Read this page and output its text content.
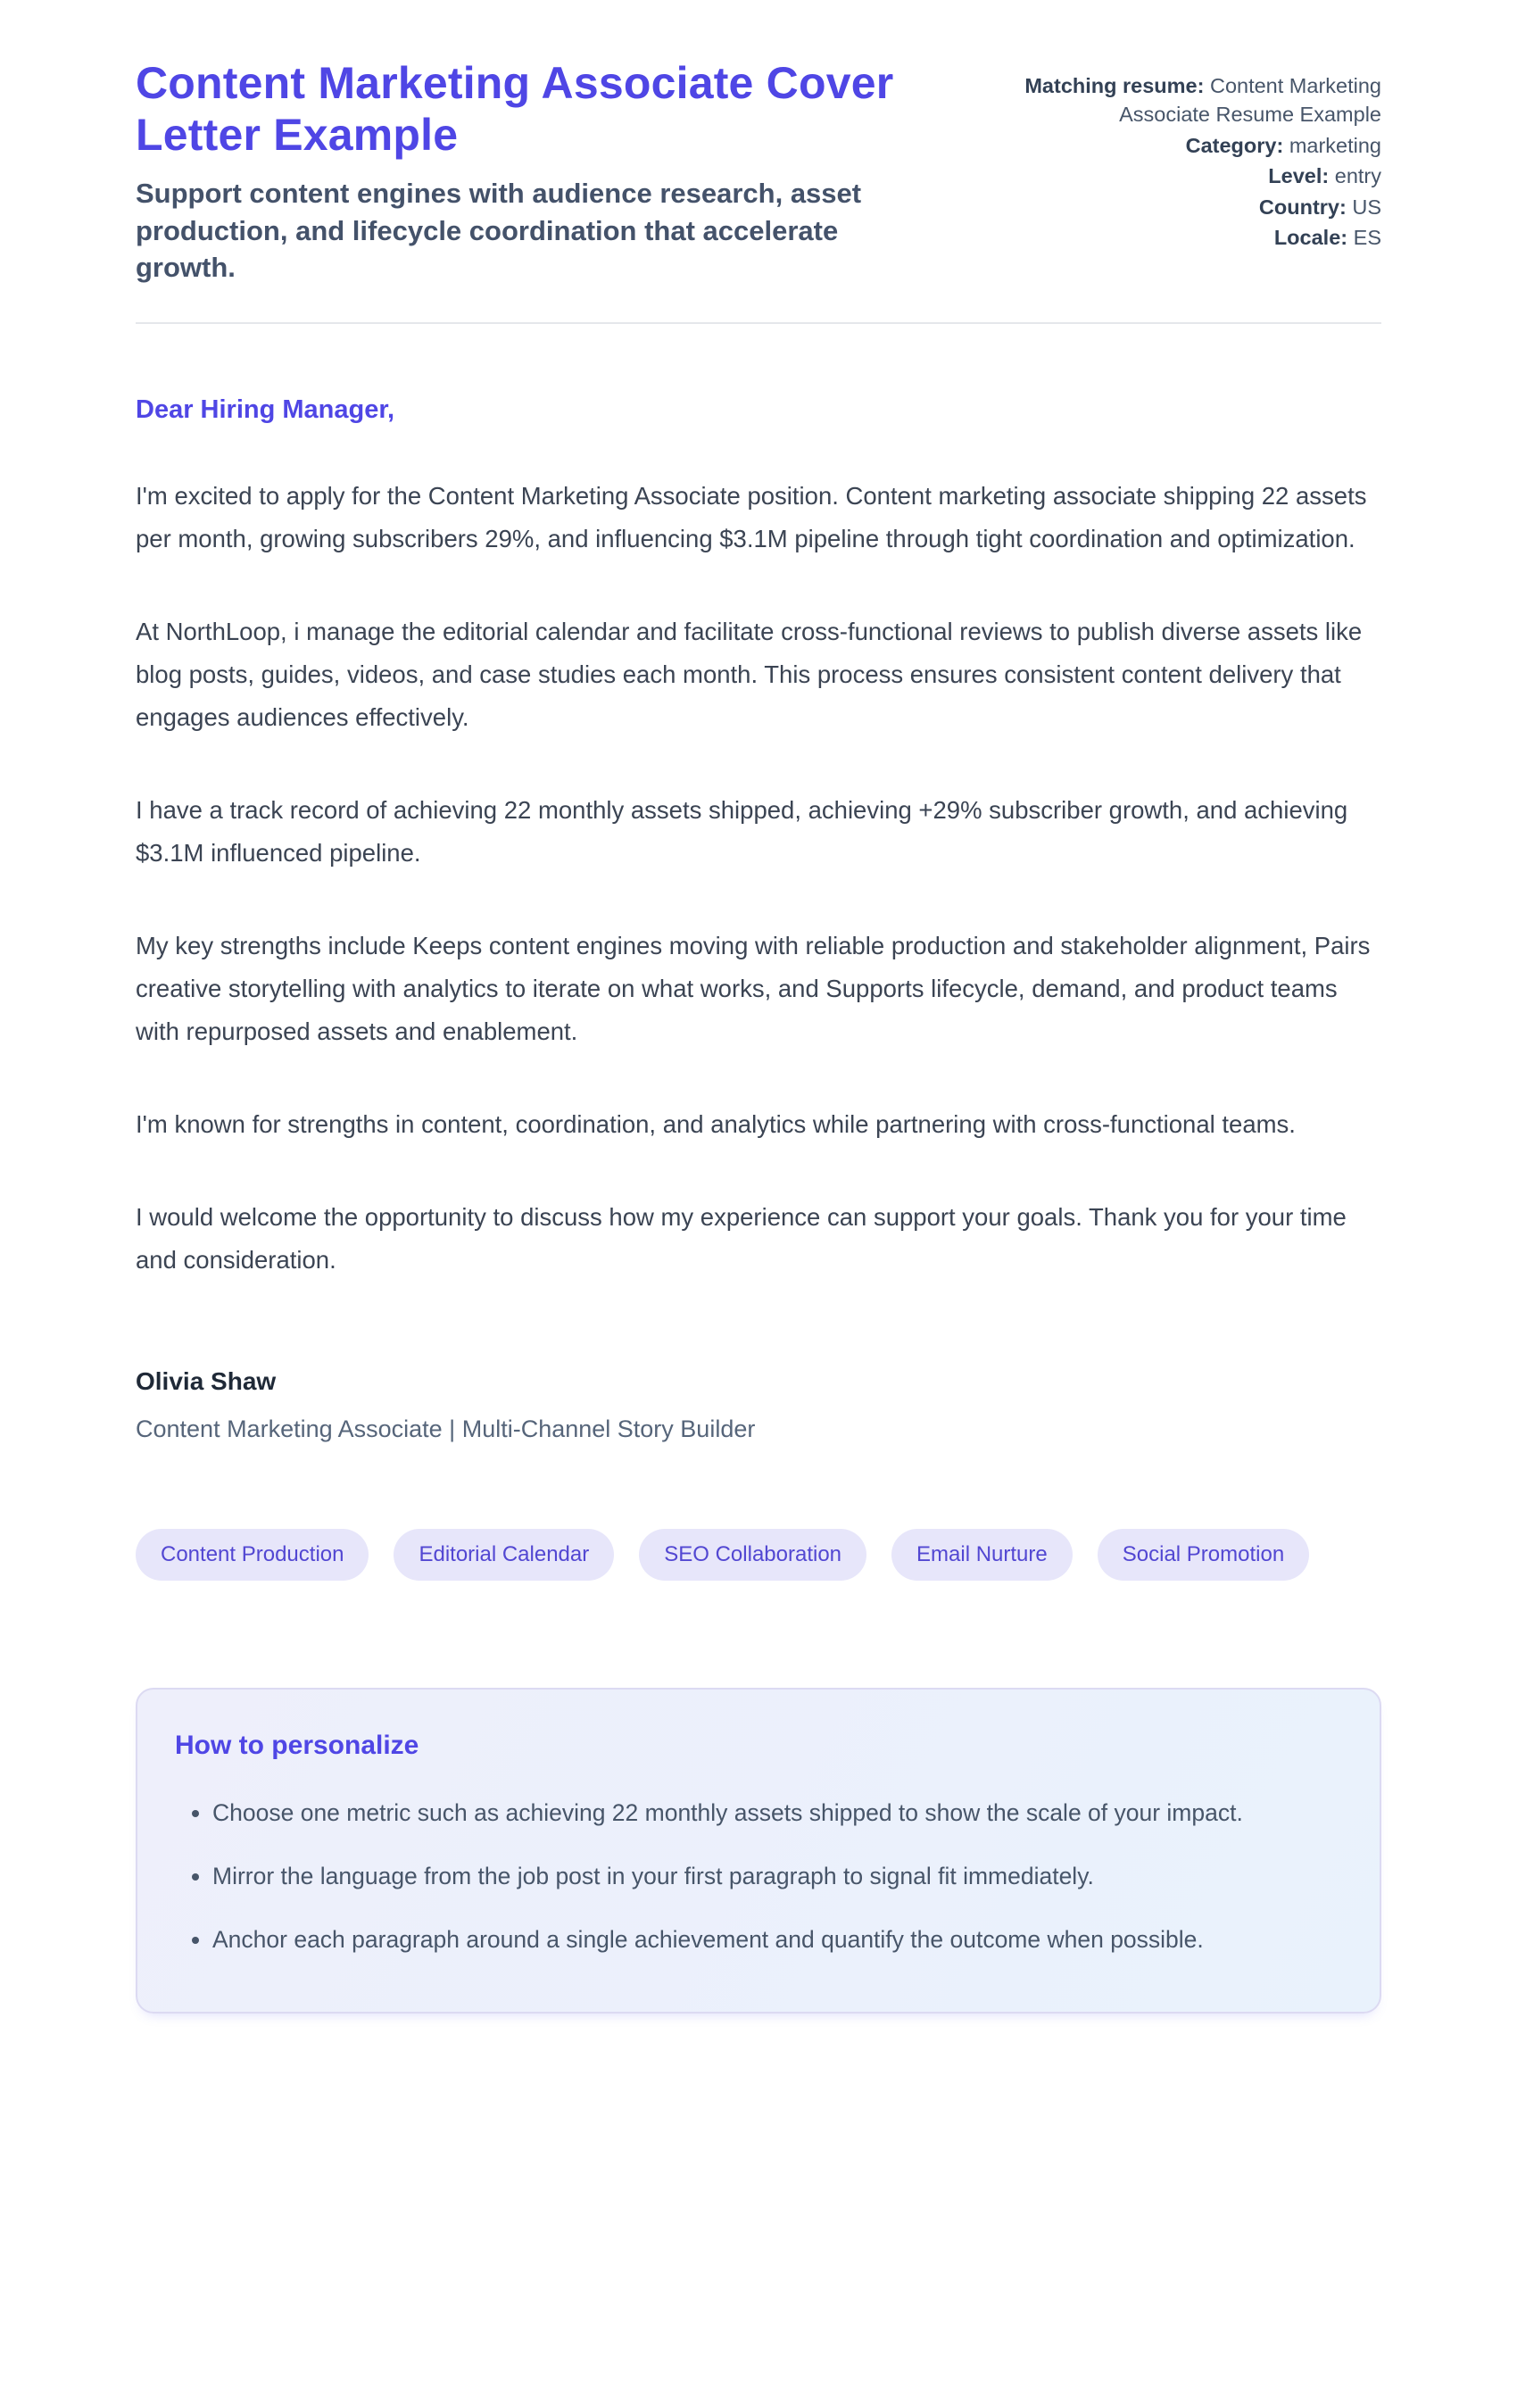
Content Marketing Associate Cover Letter Example
Support content engines with audience research, asset production, and lifecycle coordination that accelerate growth.
Matching resume: Content Marketing Associate Resume Example
Category: marketing
Level: entry
Country: US
Locale: ES
Dear Hiring Manager,

I'm excited to apply for the Content Marketing Associate position. Content marketing associate shipping 22 assets per month, growing subscribers 29%, and influencing $3.1M pipeline through tight coordination and optimization.

At NorthLoop, i manage the editorial calendar and facilitate cross-functional reviews to publish diverse assets like blog posts, guides, videos, and case studies each month. This process ensures consistent content delivery that engages audiences effectively.

I have a track record of achieving 22 monthly assets shipped, achieving +29% subscriber growth, and achieving $3.1M influenced pipeline.

My key strengths include Keeps content engines moving with reliable production and stakeholder alignment, Pairs creative storytelling with analytics to iterate on what works, and Supports lifecycle, demand, and product teams with repurposed assets and enablement.

I'm known for strengths in content, coordination, and analytics while partnering with cross-functional teams.

I would welcome the opportunity to discuss how my experience can support your goals. Thank you for your time and consideration.

Olivia Shaw
Content Marketing Associate | Multi-Channel Story Builder
Content Production	Editorial Calendar	SEO Collaboration	Email Nurture	Social Promotion
How to personalize
• Choose one metric such as achieving 22 monthly assets shipped to show the scale of your impact.
• Mirror the language from the job post in your first paragraph to signal fit immediately.
• Anchor each paragraph around a single achievement and quantify the outcome when possible.
